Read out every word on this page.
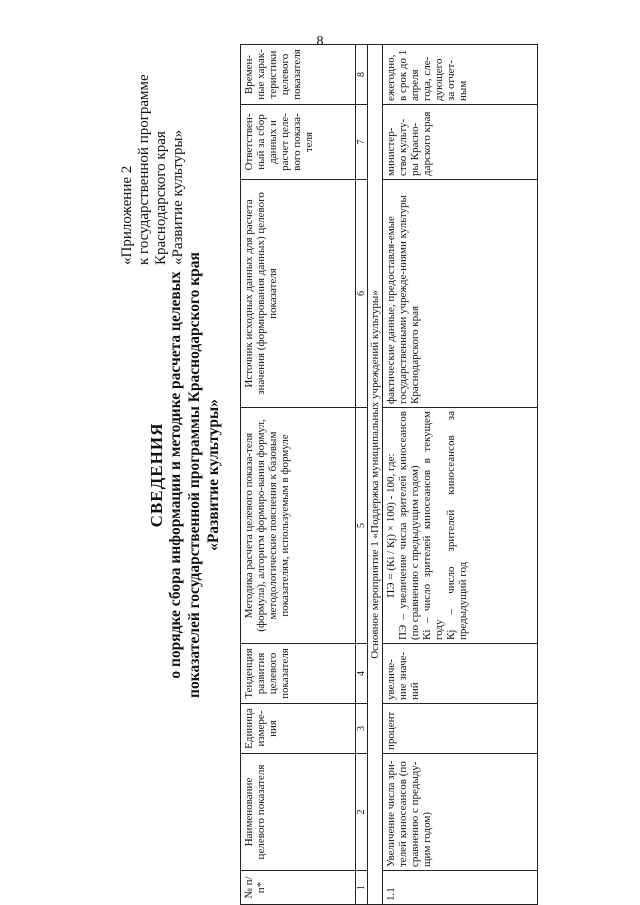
8
«Приложение 2 к государственной программе Краснодарского края «Развитие культуры»
СВЕДЕНИЯ о порядке сбора информации и методике расчета целевых показателей государственной программы Краснодарского края «Развитие культуры»
№ п/п*	Наименование целевого показателя	Единица измере-ния	Тенденция развития целевого показателя	Методика расчета целевого показа-теля (формула), алгоритм формиро-вания формул, методологические пояснения к базовым показателям, используемым в формуле	Источник исходных данных для расчета значения (формирования данных) целевого показателя	Ответствен-ный за сбор данных и расчет целе-вого показа-теля	Времен-ные харак-теристики целевого показателя
1	2	3	4	5	6	7	8
Основное мероприятие 1 «Поддержка муниципальных учреждений культуры»							
1.1	Увеличение числа зри-телей киносеансов (по сравнению с предыду-щим годом)	процент	увеличе-ние значе-ний	ПЭ = (Кi / Кj) × 100) - 100, где: ПЭ – увеличение числа зрителей киносеансов (по сравнению с предыдущим годом) Кi – число зрителей киносеансов в текущем году Кj – число зрителей киносеансов за предыдущий год	фактические данные, предоставля-емые государственными учрежде-ниями культуры Краснодарского края	министер-ство культу-ры Красно-дарского края	ежегодно, в срок до 1 апреля года, сле-дующего за отчет-ным
